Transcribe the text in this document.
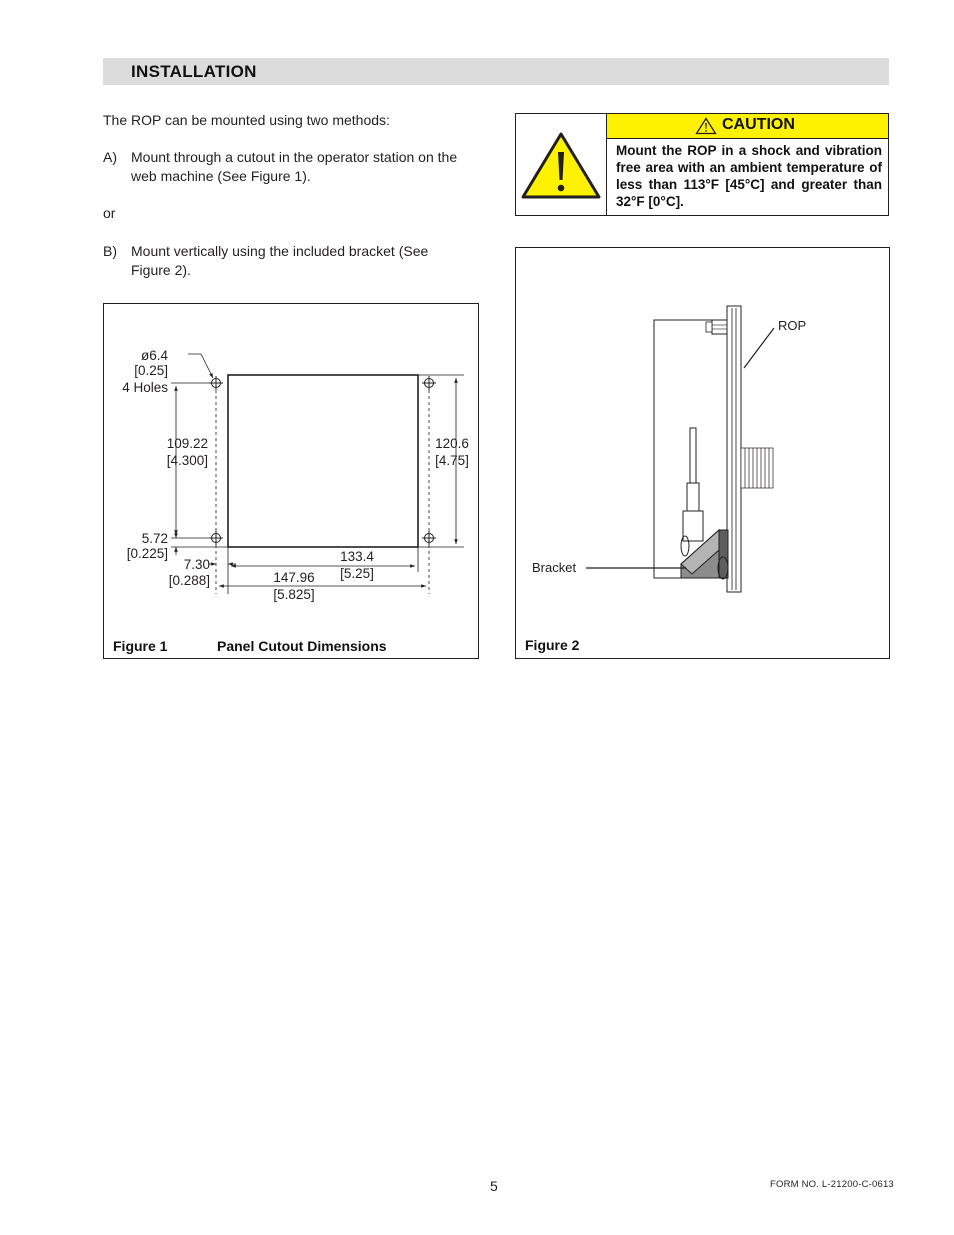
INSTALLATION
The ROP can be mounted using two methods:
A) Mount through a cutout in the operator station on the web machine (See Figure 1).
or
B) Mount vertically using the included bracket (See Figure 2).
CAUTION
Mount the ROP in a shock and vibration free area with an ambient temperature of less than 113°F [45°C] and greater than 32°F [0°C].
ø6.4
[0.25]
4 Holes
109.22
[4.300]
120.6
[4.75]
5.72
[0.225]
7.30
[0.288]
133.4
[5.25]
147.96
[5.825]
Figure 1	Panel Cutout Dimensions
ROP
Bracket
Figure 2
5	FORM NO. L-21200-C-0613
